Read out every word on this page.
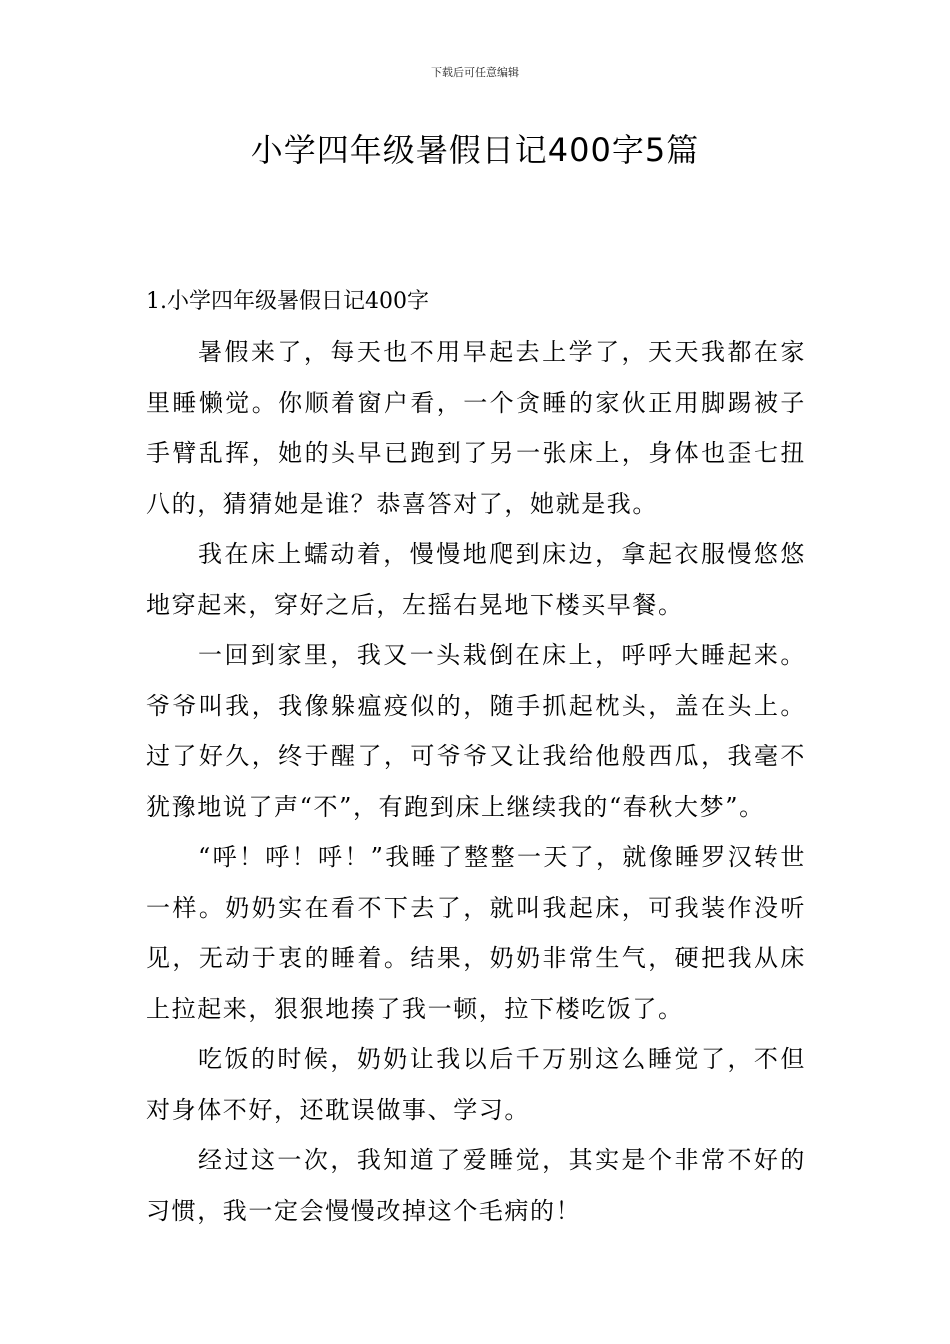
下载后可任意编辑
小学四年级暑假日记400字5篇
1.小学四年级暑假日记400字

暑假来了，每天也不用早起去上学了，天天我都在家里睡懒觉。你顺着窗户看，一个贪睡的家伙正用脚踢被子手臂乱挥，她的头早已跑到了另一张床上，身体也歪七扭八的，猜猜她是谁？恭喜答对了，她就是我。

我在床上蠕动着，慢慢地爬到床边，拿起衣服慢悠悠地穿起来，穿好之后，左摇右晃地下楼买早餐。

一回到家里，我又一头栽倒在床上，呼呼大睡起来。爷爷叫我，我像躲瘟疫似的，随手抓起枕头，盖在头上。过了好久，终于醒了，可爷爷又让我给他般西瓜，我毫不犹豫地说了声“不”，有跑到床上继续我的“春秋大梦”。

“呼！呼！呼！”我睡了整整一天了，就像睡罗汉转世一样。奶奶实在看不下去了，就叫我起床，可我装作没听见，无动于衷的睡着。结果，奶奶非常生气，硬把我从床上拉起来，狠狠地揍了我一顿，拉下楼吃饭了。

吃饭的时候，奶奶让我以后千万别这么睡觉了，不但对身体不好，还耽误做事、学习。

经过这一次，我知道了爱睡觉，其实是个非常不好的习惯，我一定会慢慢改掉这个毛病的！
